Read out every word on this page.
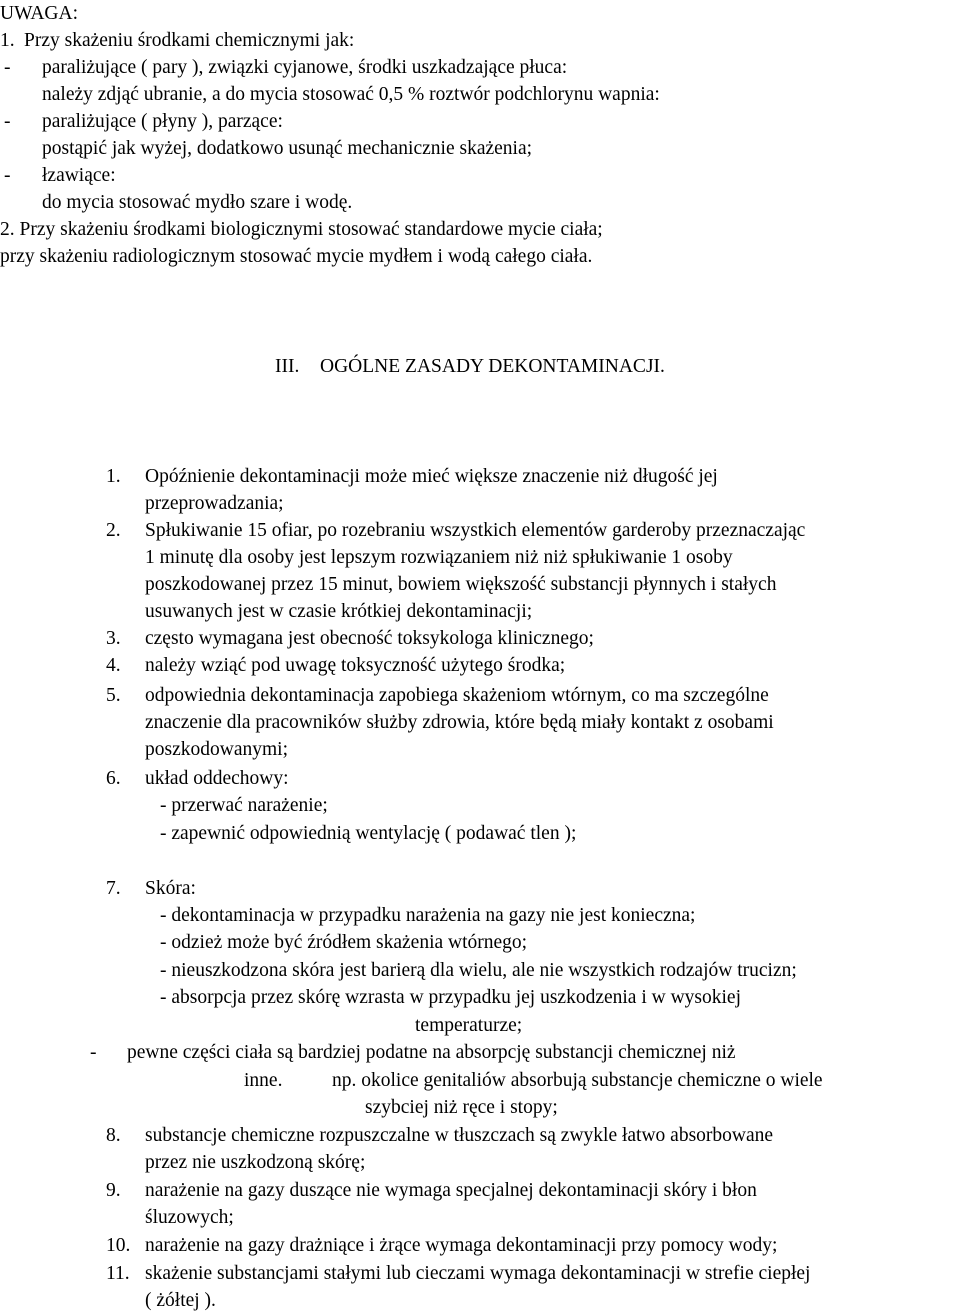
UWAGA:
1. Przy skażeniu środkami chemicznymi jak:
- paraliżujące ( pary ), związki cyjanowe, środki uszkadzające płuca:
należy zdjąć ubranie, a do mycia stosować 0,5 % roztwór podchlorynu wapnia:
- paraliżujące ( płyny ), parzące:
postąpić jak wyżej, dodatkowo usunąć mechanicznie skażenia;
- łzawiące:
do mycia stosować mydło szare i wodę.
2. Przy skażeniu środkami biologicznymi stosować standardowe mycie ciała;
przy skażeniu radiologicznym stosować mycie mydłem i wodą całego ciała.
III. OGÓLNE ZASADY DEKONTAMINACJI.
1. Opóźnienie dekontaminacji może mieć większe znaczenie niż długość jej
przeprowadzania;
2. Spłukiwanie 15 ofiar, po rozebraniu wszystkich elementów garderoby przeznaczając
1 minutę dla osoby jest lepszym rozwiązaniem niż niż spłukiwanie 1 osoby
poszkodowanej przez 15 minut, bowiem większość substancji płynnych i stałych
usuwanych jest w czasie krótkiej dekontaminacji;
3. często wymagana jest obecność toksykologa klinicznego;
4. należy wziąć pod uwagę toksyczność użytego środka;
5. odpowiednia dekontaminacja zapobiega skażeniom wtórnym, co ma szczególne
znaczenie dla pracowników służby zdrowia, które będą miały kontakt z osobami
poszkodowanymi;
6. układ oddechowy:
- przerwać narażenie;
- zapewnić odpowiednią wentylację ( podawać tlen );
7. Skóra:
- dekontaminacja w przypadku narażenia na gazy nie jest konieczna;
- odzież może być źródłem skażenia wtórnego;
- nieuszkodzona skóra jest barierą dla wielu, ale nie wszystkich rodzajów trucizn;
- absorpcja przez skórę wzrasta w przypadku jej uszkodzenia i w wysokiej
temperaturze;
- pewne części ciała są bardziej podatne na absorpcję substancji chemicznej niż
inne.	np. okolice genitaliów absorbują substancje chemiczne o wiele
szybciej niż ręce i stopy;
8. substancje chemiczne rozpuszczalne w tłuszczach są zwykle łatwo absorbowane
przez nie uszkodzoną skórę;
9. narażenie na gazy duszące nie wymaga specjalnej dekontaminacji skóry i błon
śluzowych;
10. narażenie na gazy drażniące i żrące wymaga dekontaminacji przy pomocy wody;
11. skażenie substancjami stałymi lub cieczami wymaga dekontaminacji w strefie ciepłej
( żółtej ).
